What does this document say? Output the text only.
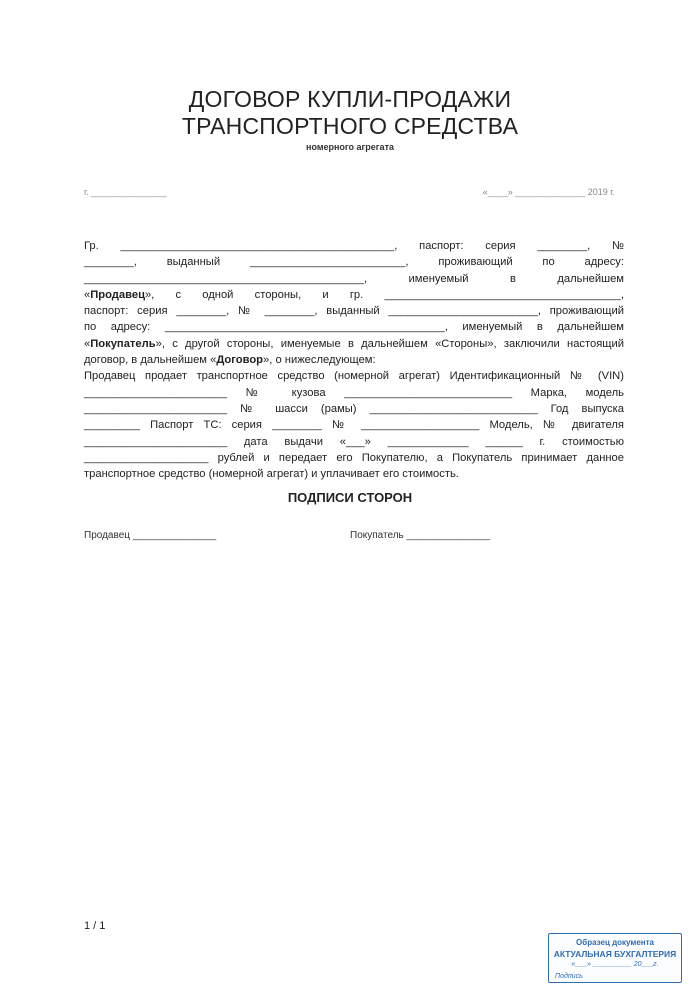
ДОГОВОР КУПЛИ-ПРОДАЖИ
ТРАНСПОРТНОГО СРЕДСТВА
номерного агрегата
г. _______________	«____» ______________ 2019 г.
Гр. ____________________________________________, паспорт: серия ________, №
________, выданный _________________________, проживающий по адресу:
_____________________________________________, именуемый в дальнейшем
«Продавец», с одной стороны, и гр. ______________________________________,
паспорт: серия ________, № ________, выданный ________________________, проживающий
по адресу: _____________________________________________, именуемый в дальнейшем
«Покупатель», с другой стороны, именуемые в дальнейшем «Стороны», заключили настоящий
договор, в дальнейшем «Договор», о нижеследующем:
Продавец продает транспортное средство (номерной агрегат) Идентификационный № (VIN)
_______________________ № кузова ___________________________ Марка, модель
_______________________ № шасси (рамы) ___________________________ Год выпуска
_________ Паспорт ТС: серия ________ № ___________________ Модель, № двигателя
_______________________ дата выдачи «___» _____________ ______ г. стоимостью
____________________ рублей и передает его Покупателю, а Покупатель принимает данное
транспортное средство (номерной агрегат) и уплачивает его стоимость.
ПОДПИСИ СТОРОН
Продавец _______________	Покупатель _______________
1 / 1
Образец документа
АКТУАЛЬНАЯ БУХГАЛТЕРИЯ
«___» __________ 20___г.
Подпись
